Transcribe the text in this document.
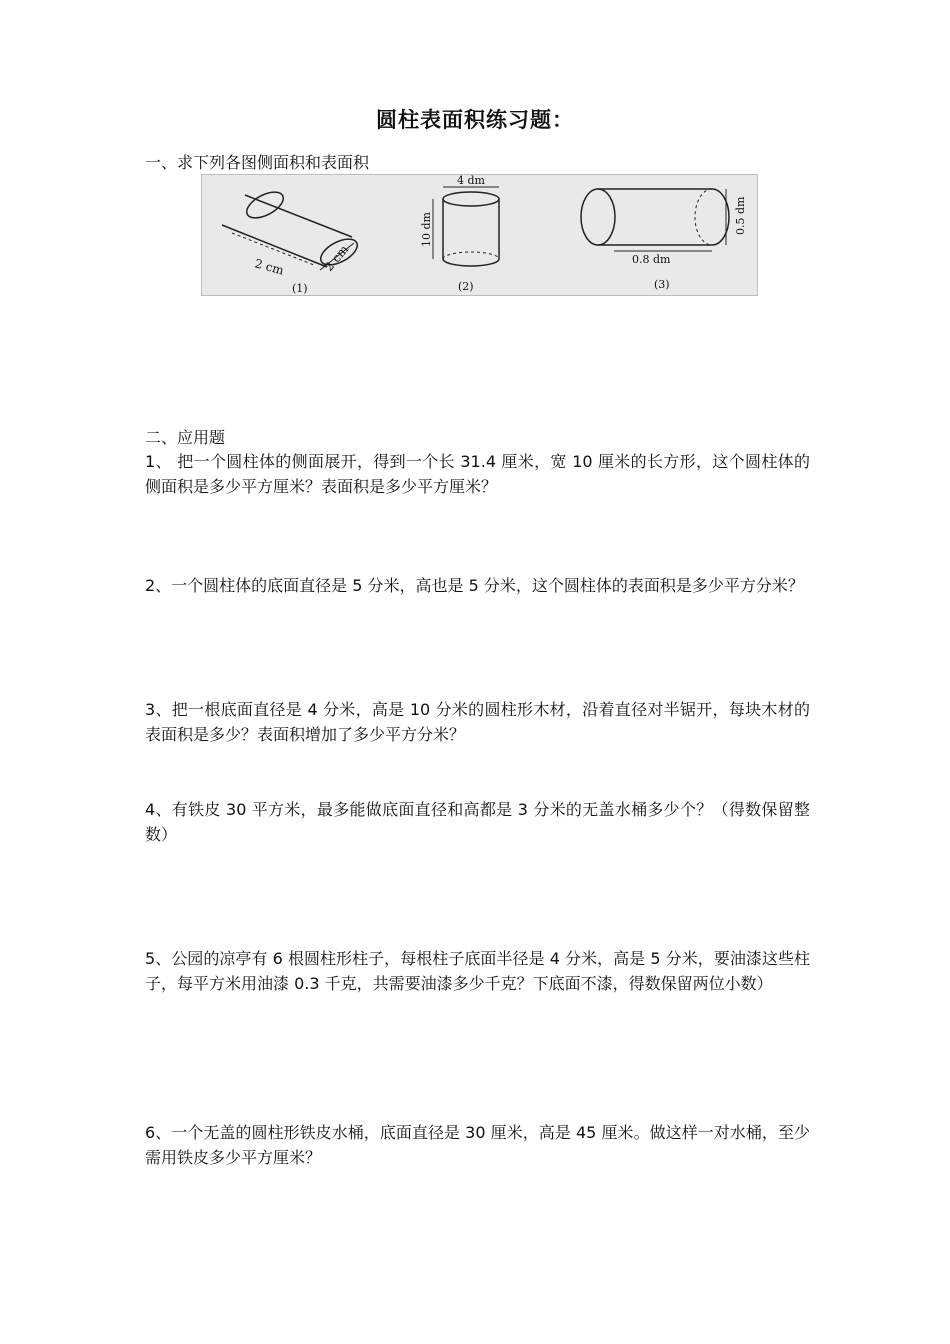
圆柱表面积练习题：
一、求下列各图侧面积和表面积
2 cm	2 cm
(1)
4 dm
10 dm
(2)
0.8 dm
0.5 dm
(3)
二、应用题
1、 把一个圆柱体的侧面展开，得到一个长 31.4 厘米，宽 10 厘米的长方形，这个圆柱体的侧面积是多少平方厘米？表面积是多少平方厘米？
2、一个圆柱体的底面直径是 5 分米，高也是 5 分米，这个圆柱体的表面积是多少平方分米？
3、把一根底面直径是 4 分米，高是 10 分米的圆柱形木材，沿着直径对半锯开，每块木材的表面积是多少？表面积增加了多少平方分米？
4、有铁皮 30 平方米，最多能做底面直径和高都是 3 分米的无盖水桶多少个？（得数保留整数）
5、公园的凉亭有 6 根圆柱形柱子，每根柱子底面半径是 4 分米，高是 5 分米，要油漆这些柱子，每平方米用油漆 0.3 千克，共需要油漆多少千克？下底面不漆，得数保留两位小数）
6、一个无盖的圆柱形铁皮水桶，底面直径是 30 厘米，高是 45 厘米。做这样一对水桶，至少需用铁皮多少平方厘米？
